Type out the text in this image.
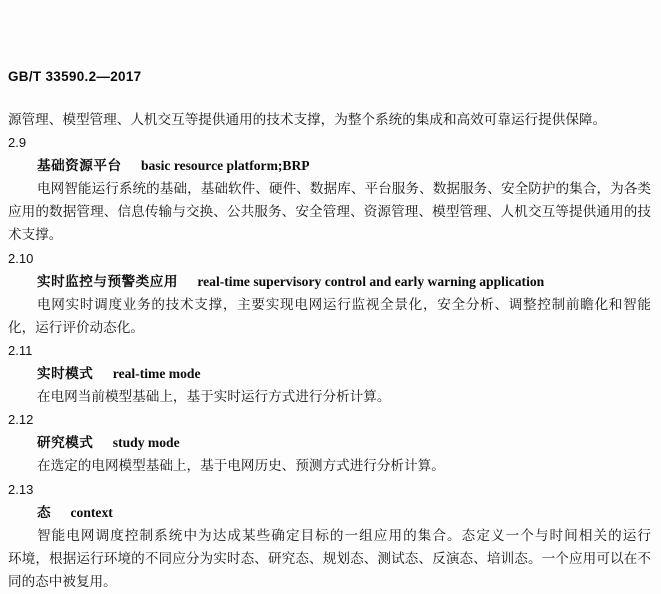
GB/T 33590.2—2017
源管理、模型管理、人机交互等提供通用的技术支撑，为整个系统的集成和高效可靠运行提供保障。
2.9
基础资源平台 basic resource platform;BRP
电网智能运行系统的基础，基础软件、硬件、数据库、平台服务、数据服务、安全防护的集合，为各类
应用的数据管理、信息传输与交换、公共服务、安全管理、资源管理、模型管理、人机交互等提供通用的技
术支撑。
2.10
实时监控与预警类应用 real-time supervisory control and early warning application
电网实时调度业务的技术支撑，主要实现电网运行监视全景化，安全分析、调整控制前瞻化和智能
化，运行评价动态化。
2.11
实时模式 real-time mode
在电网当前模型基础上，基于实时运行方式进行分析计算。
2.12
研究模式 study mode
在选定的电网模型基础上，基于电网历史、预测方式进行分析计算。
2.13
态 context
智能电网调度控制系统中为达成某些确定目标的一组应用的集合。态定义一个与时间相关的运行
环境，根据运行环境的不同应分为实时态、研究态、规划态、测试态、反演态、培训态。一个应用可以在不
同的态中被复用。
